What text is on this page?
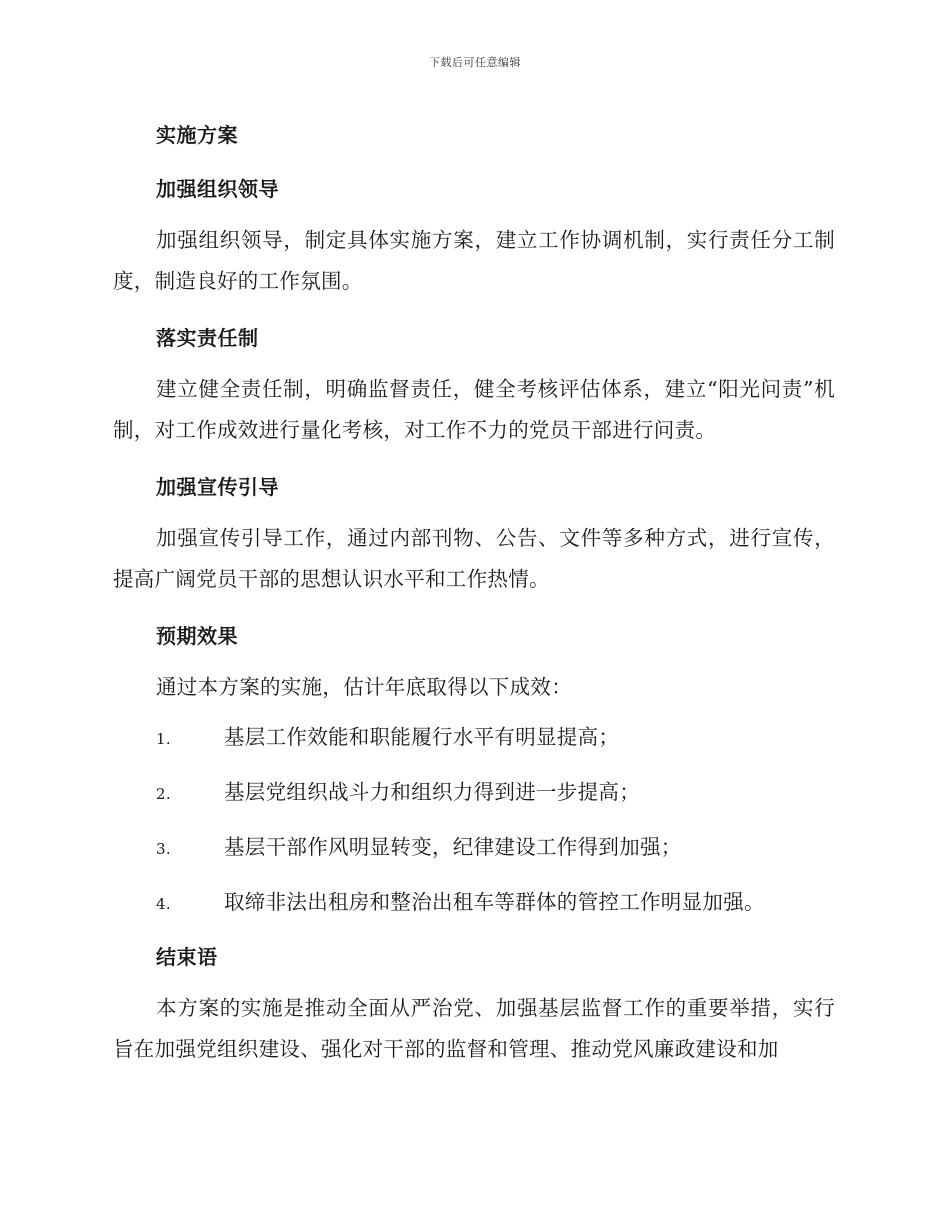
下载后可任意编辑
实施方案
加强组织领导

加强组织领导，制定具体实施方案，建立工作协调机制，实行责任分工制度，制造良好的工作氛围。

落实责任制

建立健全责任制，明确监督责任，健全考核评估体系，建立“阳光问责”机制，对工作成效进行量化考核，对工作不力的党员干部进行问责。

加强宣传引导

加强宣传引导工作，通过内部刊物、公告、文件等多种方式，进行宣传，提高广阔党员干部的思想认识水平和工作热情。

预期效果

通过本方案的实施，估计年底取得以下成效：

1.	基层工作效能和职能履行水平有明显提高；
2.	基层党组织战斗力和组织力得到进一步提高；
3.	基层干部作风明显转变，纪律建设工作得到加强；
4.	取缔非法出租房和整治出租车等群体的管控工作明显加强。
结束语

本方案的实施是推动全面从严治党、加强基层监督工作的重要举措，实行旨在加强党组织建设、强化对干部的监督和管理、推动党风廉政建设和加
